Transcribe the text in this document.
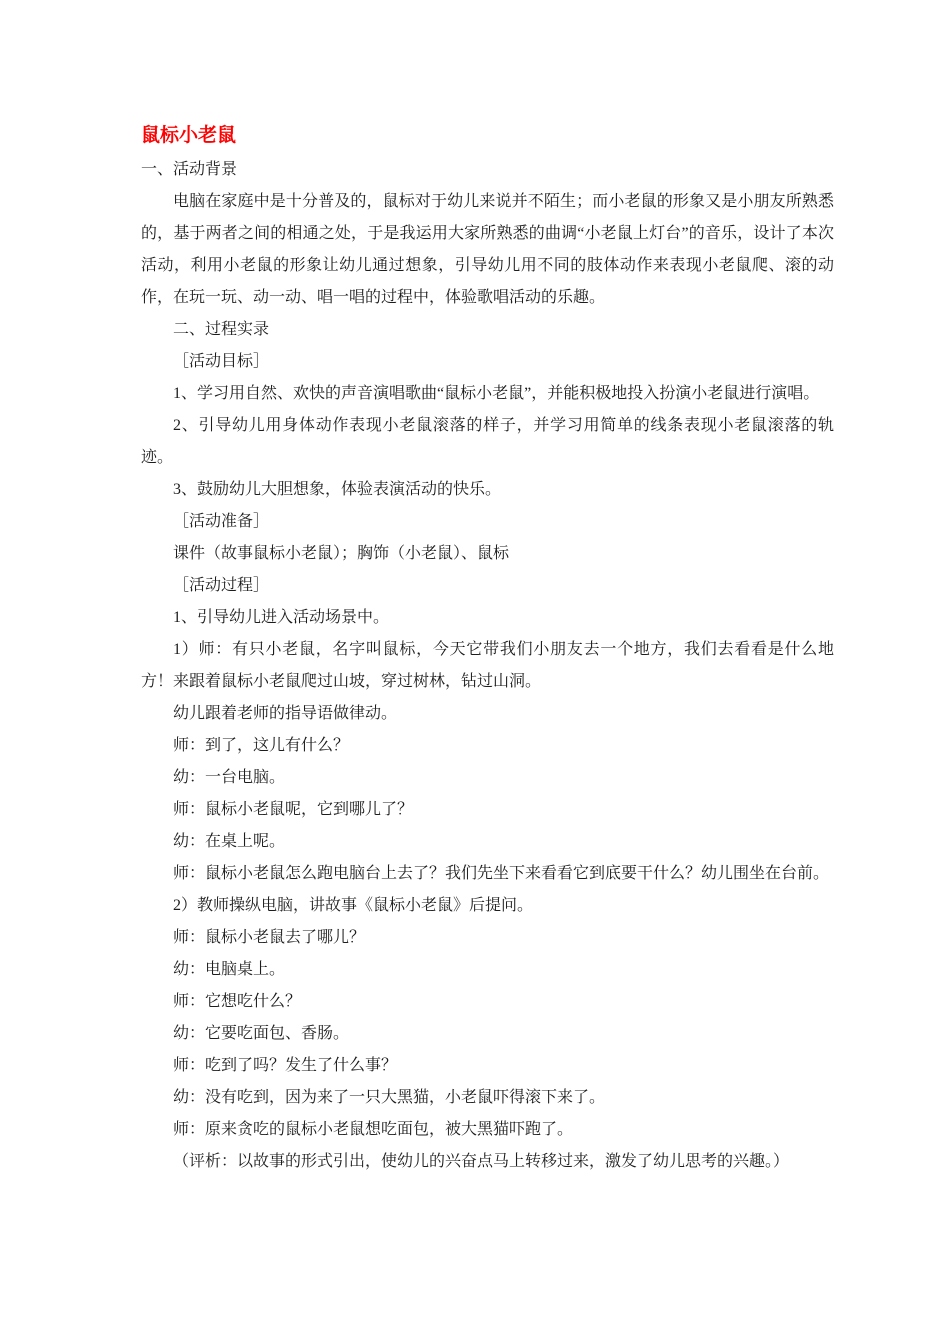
鼠标小老鼠

一、活动背景

电脑在家庭中是十分普及的，鼠标对于幼儿来说并不陌生；而小老鼠的形象又是小朋友所熟悉的，基于两者之间的相通之处，于是我运用大家所熟悉的曲调“小老鼠上灯台”的音乐，设计了本次活动，利用小老鼠的形象让幼儿通过想象，引导幼儿用不同的肢体动作来表现小老鼠爬、滚的动作，在玩一玩、动一动、唱一唱的过程中，体验歌唱活动的乐趣。

二、过程实录

［活动目标］

1、学习用自然、欢快的声音演唱歌曲“鼠标小老鼠”，并能积极地投入扮演小老鼠进行演唱。

2、引导幼儿用身体动作表现小老鼠滚落的样子，并学习用简单的线条表现小老鼠滚落的轨迹。

3、鼓励幼儿大胆想象，体验表演活动的快乐。

［活动准备］

课件（故事鼠标小老鼠）；胸饰（小老鼠）、鼠标

［活动过程］

1、引导幼儿进入活动场景中。

1）师：有只小老鼠，名字叫鼠标，今天它带我们小朋友去一个地方，我们去看看是什么地方！来跟着鼠标小老鼠爬过山坡，穿过树林，钻过山洞。

幼儿跟着老师的指导语做律动。

师：到了，这儿有什么？

幼：一台电脑。

师：鼠标小老鼠呢，它到哪儿了？

幼：在桌上呢。

师：鼠标小老鼠怎么跑电脑台上去了？我们先坐下来看看它到底要干什么？幼儿围坐在台前。

2）教师操纵电脑，讲故事《鼠标小老鼠》后提问。

师：鼠标小老鼠去了哪儿？

幼：电脑桌上。

师：它想吃什么？

幼：它要吃面包、香肠。

师：吃到了吗？发生了什么事？

幼：没有吃到，因为来了一只大黑猫，小老鼠吓得滚下来了。

师：原来贪吃的鼠标小老鼠想吃面包，被大黑猫吓跑了。

（评析：以故事的形式引出，使幼儿的兴奋点马上转移过来，激发了幼儿思考的兴趣。）
